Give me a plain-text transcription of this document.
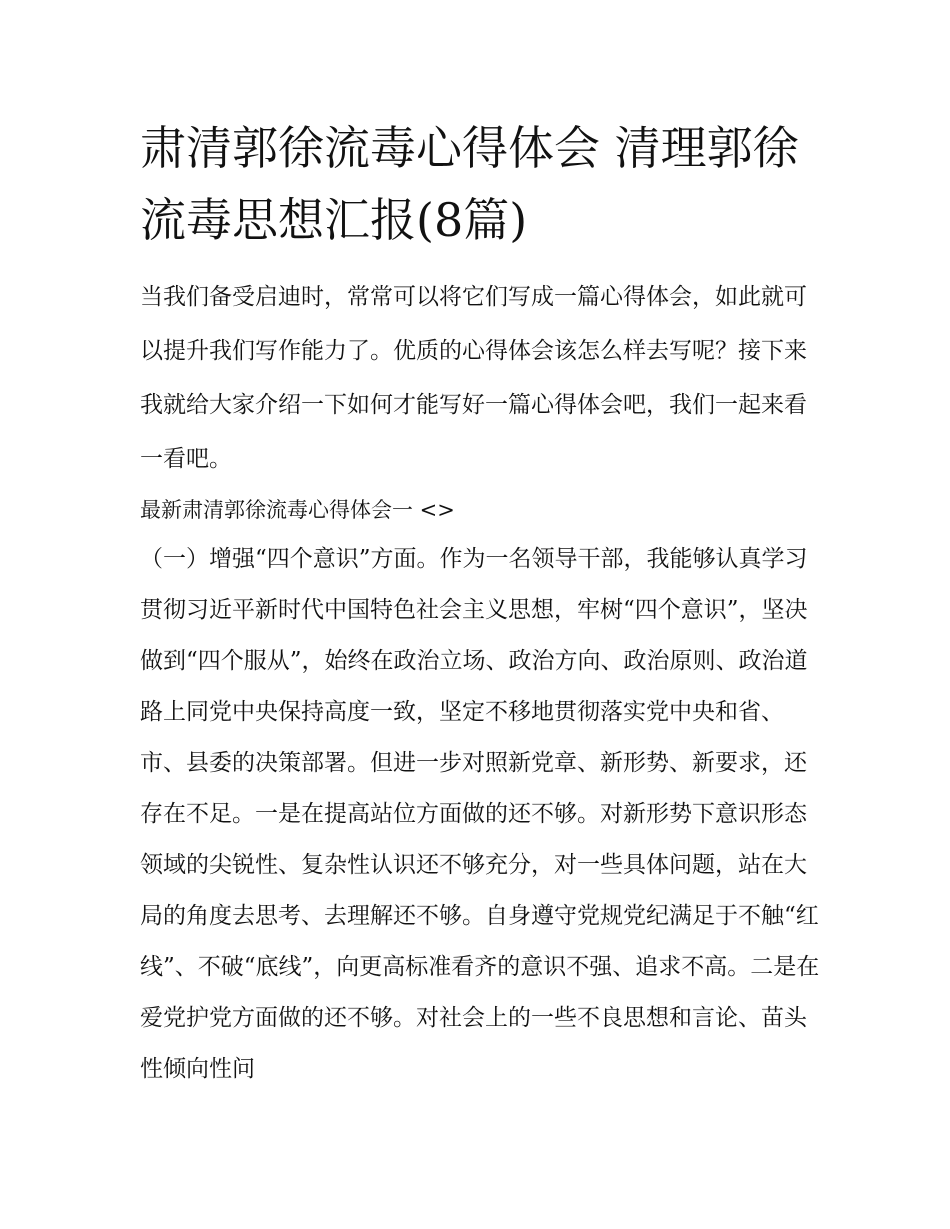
肃清郭徐流毒心得体会 清理郭徐流毒思想汇报(8篇)

当我们备受启迪时，常常可以将它们写成一篇心得体会，如此就可以提升我们写作能力了。优质的心得体会该怎么样去写呢？接下来我就给大家介绍一下如何才能写好一篇心得体会吧，我们一起来看一看吧。

最新肃清郭徐流毒心得体会一 <>

（一）增强“四个意识”方面。作为一名领导干部，我能够认真学习贯彻习近平新时代中国特色社会主义思想，牢树“四个意识”，坚决做到“四个服从”，始终在政治立场、政治方向、政治原则、政治道路上同党中央保持高度一致，坚定不移地贯彻落实党中央和省、市、县委的决策部署。但进一步对照新党章、新形势、新要求，还存在不足。一是在提高站位方面做的还不够。对新形势下意识形态领域的尖锐性、复杂性认识还不够充分，对一些具体问题，站在大局的角度去思考、去理解还不够。自身遵守党规党纪满足于不触“红线”、不破“底线”，向更高标准看齐的意识不强、追求不高。二是在爱党护党方面做的还不够。对社会上的一些不良思想和言论、苗头性倾向性问
